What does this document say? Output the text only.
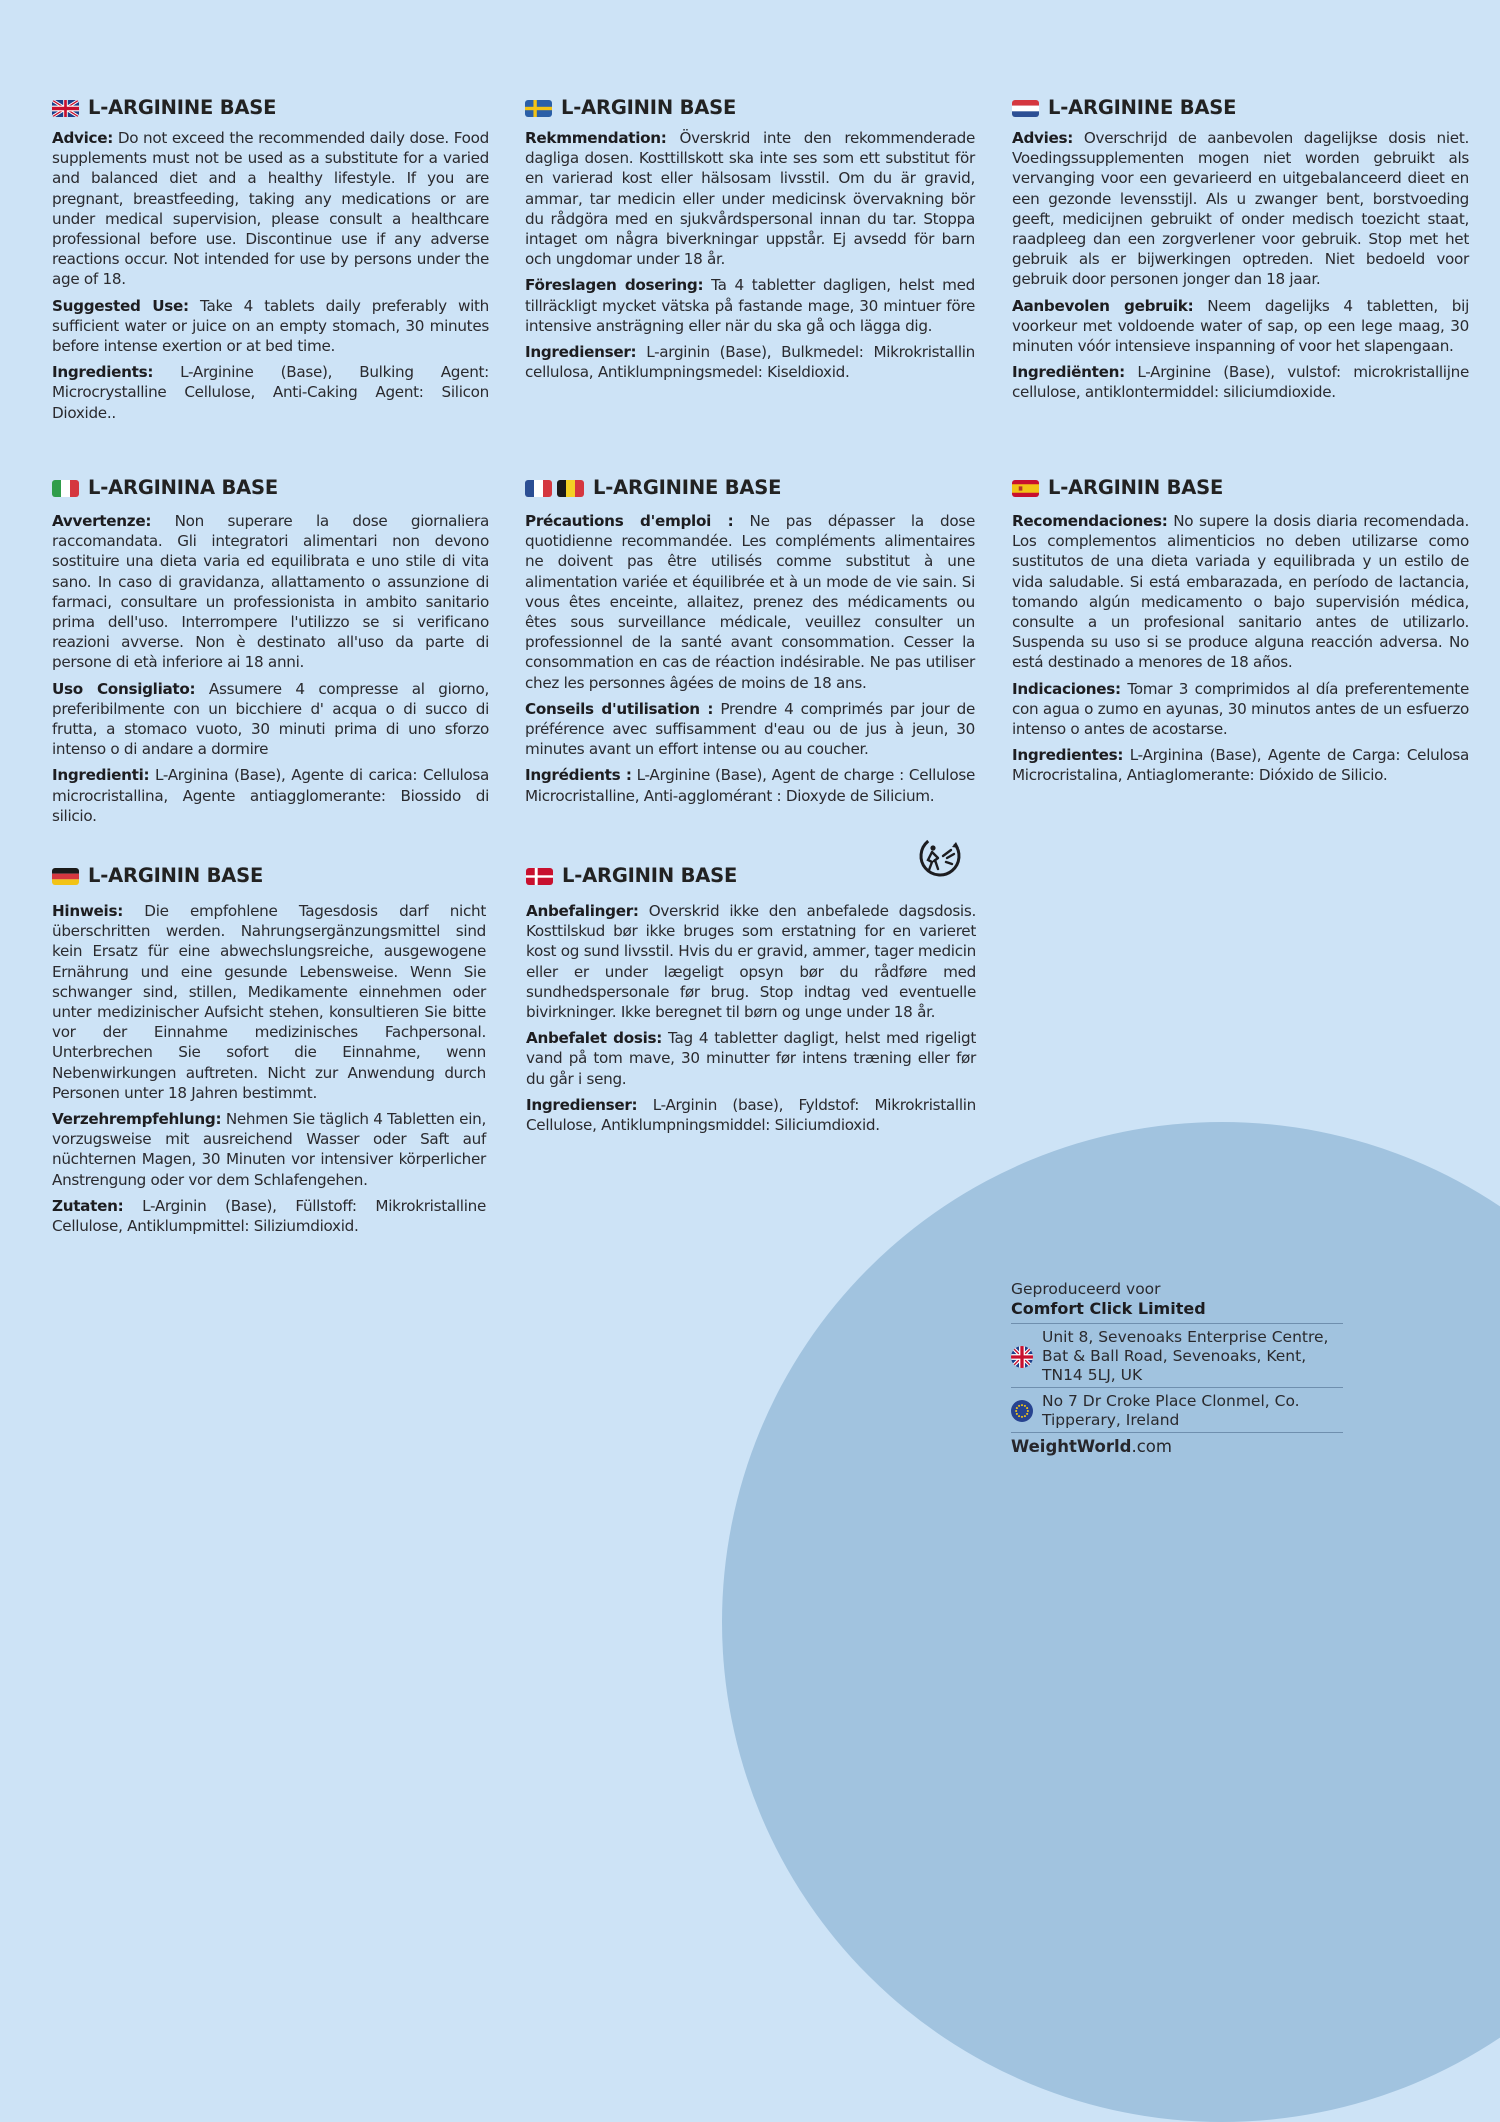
L-ARGININE BASE

Advice: Do not exceed the recommended daily dose. Food supplements must not be used as a substitute for a varied and balanced diet and a healthy lifestyle. If you are pregnant, breastfeeding, taking any medications or are under medical supervision, please consult a healthcare professional before use. Discontinue use if any adverse reactions occur. Not intended for use by persons under the age of 18.

Suggested Use: Take 4 tablets daily preferably with sufficient water or juice on an empty stomach, 30 minutes before intense exertion or at bed time.

Ingredients: L-Arginine (Base), Bulking Agent: Microcrystalline Cellulose, Anti-Caking Agent: Silicon Dioxide..

L-ARGININ BASE

Rekmmendation: Överskrid inte den rekommenderade dagliga dosen. Kosttillskott ska inte ses som ett substitut för en varierad kost eller hälsosam livsstil. Om du är gravid, ammar, tar medicin eller under medicinsk övervakning bör du rådgöra med en sjukvårdspersonal innan du tar. Stoppa intaget om några biverkningar uppstår. Ej avsedd för barn och ungdomar under 18 år.

Föreslagen dosering: Ta 4 tabletter dagligen, helst med tillräckligt mycket vätska på fastande mage, 30 mintuer före intensive ansträgning eller när du ska gå och lägga dig.

Ingredienser: L-arginin (Base), Bulkmedel: Mikrokristallin cellulosa, Antiklumpningsmedel: Kiseldioxid.

L-ARGININE BASE

Advies: Overschrijd de aanbevolen dagelijkse dosis niet. Voedingssupplementen mogen niet worden gebruikt als vervanging voor een gevarieerd en uitgebalanceerd dieet en een gezonde levensstijl. Als u zwanger bent, borstvoeding geeft, medicijnen gebruikt of onder medisch toezicht staat, raadpleeg dan een zorgverlener voor gebruik. Stop met het gebruik als er bijwerkingen optreden. Niet bedoeld voor gebruik door personen jonger dan 18 jaar.

Aanbevolen gebruik: Neem dagelijks 4 tabletten, bij voorkeur met voldoende water of sap, op een lege maag, 30 minuten vóór intensieve inspanning of voor het slapengaan.

Ingrediënten: L-Arginine (Base), vulstof: microkristallijne cellulose, antiklontermiddel: siliciumdioxide.

L-ARGININA BASE

Avvertenze: Non superare la dose giornaliera raccomandata. Gli integratori alimentari non devono sostituire una dieta varia ed equilibrata e uno stile di vita sano. In caso di gravidanza, allattamento o assunzione di farmaci, consultare un professionista in ambito sanitario prima dell'uso. Interrompere l'utilizzo se si verificano reazioni avverse. Non è destinato all'uso da parte di persone di età inferiore ai 18 anni.

Uso Consigliato: Assumere 4 compresse al giorno, preferibilmente con un bicchiere d' acqua o di succo di frutta, a stomaco vuoto, 30 minuti prima di uno sforzo intenso o di andare a dormire

Ingredienti: L-Arginina (Base), Agente di carica: Cellulosa microcristallina, Agente antiagglomerante: Biossido di silicio.

L-ARGININE BASE

Précautions d'emploi : Ne pas dépasser la dose quotidienne recommandée. Les compléments alimentaires ne doivent pas être utilisés comme substitut à une alimentation variée et équilibrée et à un mode de vie sain. Si vous êtes enceinte, allaitez, prenez des médicaments ou êtes sous surveillance médicale, veuillez consulter un professionnel de la santé avant consommation. Cesser la consommation en cas de réaction indésirable. Ne pas utiliser chez les personnes âgées de moins de 18 ans.

Conseils d'utilisation : Prendre 4 comprimés par jour de préférence avec suffisamment d'eau ou de jus à jeun, 30 minutes avant un effort intense ou au coucher.

Ingrédients : L-Arginine (Base), Agent de charge : Cellulose Microcristalline, Anti-agglomérant : Dioxyde de Silicium.

L-ARGININ BASE

Recomendaciones: No supere la dosis diaria recomendada. Los complementos alimenticios no deben utilizarse como sustitutos de una dieta variada y equilibrada y un estilo de vida saludable. Si está embarazada, en período de lactancia, tomando algún medicamento o bajo supervisión médica, consulte a un profesional sanitario antes de utilizarlo. Suspenda su uso si se produce alguna reacción adversa. No está destinado a menores de 18 años.

Indicaciones: Tomar 3 comprimidos al día preferentemente con agua o zumo en ayunas, 30 minutos antes de un esfuerzo intenso o antes de acostarse.

Ingredientes: L-Arginina (Base), Agente de Carga: Celulosa Microcristalina, Antiaglomerante: Dióxido de Silicio.

L-ARGININ BASE

Hinweis: Die empfohlene Tagesdosis darf nicht überschritten werden. Nahrungsergänzungsmittel sind kein Ersatz für eine abwechslungsreiche, ausgewogene Ernährung und eine gesunde Lebensweise. Wenn Sie schwanger sind, stillen, Medikamente einnehmen oder unter medizinischer Aufsicht stehen, konsultieren Sie bitte vor der Einnahme medizinisches Fachpersonal. Unterbrechen Sie sofort die Einnahme, wenn Nebenwirkungen auftreten. Nicht zur Anwendung durch Personen unter 18 Jahren bestimmt.

Verzehrempfehlung: Nehmen Sie täglich 4 Tabletten ein, vorzugsweise mit ausreichend Wasser oder Saft auf nüchternen Magen, 30 Minuten vor intensiver körperlicher Anstrengung oder vor dem Schlafengehen.

Zutaten: L-Arginin (Base), Füllstoff: Mikrokristalline Cellulose, Antiklumpmittel: Siliziumdioxid.

L-ARGININ BASE

Anbefalinger: Overskrid ikke den anbefalede dagsdosis. Kosttilskud bør ikke bruges som erstatning for en varieret kost og sund livsstil. Hvis du er gravid, ammer, tager medicin eller er under lægeligt opsyn bør du rådføre med sundhedspersonale før brug. Stop indtag ved eventuelle bivirkninger. Ikke beregnet til børn og unge under 18 år.

Anbefalet dosis: Tag 4 tabletter dagligt, helst med rigeligt vand på tom mave, 30 minutter før intens træning eller før du går i seng.

Ingredienser: L-Arginin (base), Fyldstof: Mikrokristallin Cellulose, Antiklumpningsmiddel: Siliciumdioxid.

Geproduceerd voor
Comfort Click Limited
Unit 8, Sevenoaks Enterprise Centre, Bat & Ball Road, Sevenoaks, Kent, TN14 5LJ, UK
No 7 Dr Croke Place Clonmel, Co. Tipperary, Ireland
WeightWorld.com
